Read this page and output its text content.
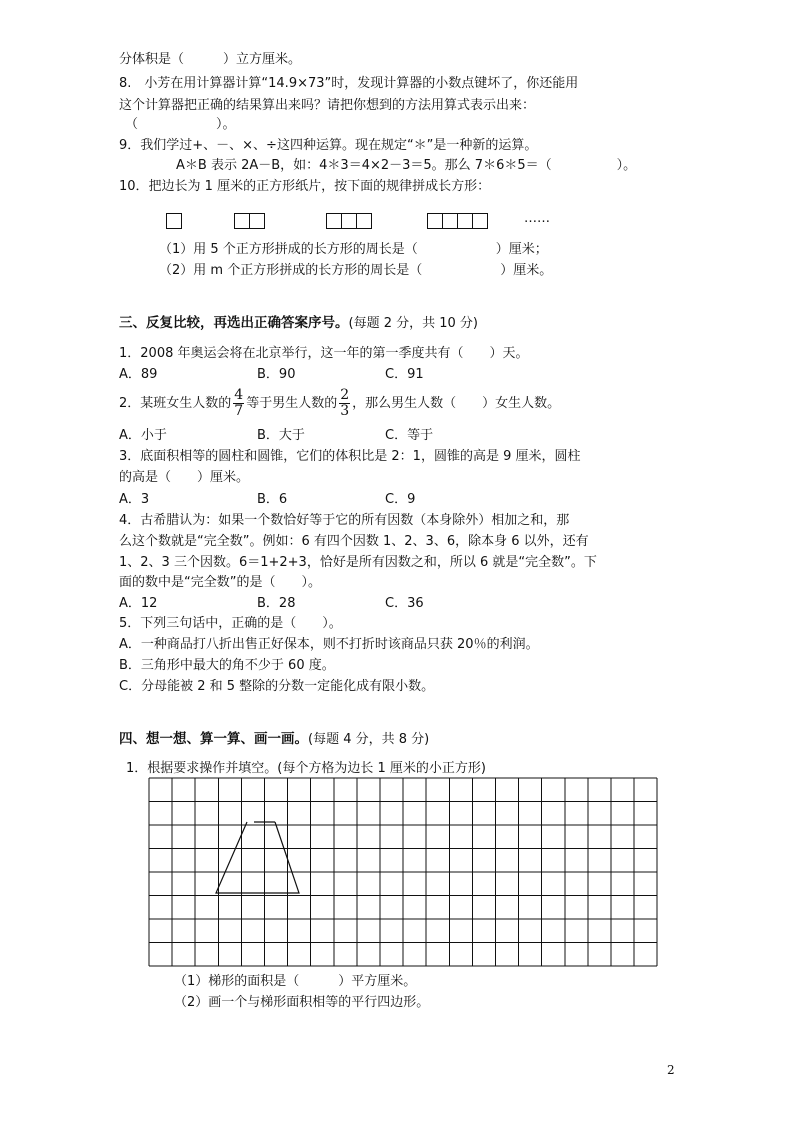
分体积是（　　　）立方厘米。
8.　小芳在用计算器计算“14.9×73”时，发现计算器的小数点键坏了，你还能用
这个计算器把正确的结果算出来吗？请把你想到的方法用算式表示出来：
（　　　　　　）。
9．我们学过+、－、×、÷这四种运算。现在规定“＊”是一种新的运算。
A＊B 表示 2A－B，如：4＊3＝4×2－3＝5。那么 7＊6＊5＝（　　　　　）。
10．把边长为 1 厘米的正方形纸片，按下面的规律拼成长方形：
……
（1）用 5 个正方形拼成的长方形的周长是（　　　　　　）厘米；
（2）用 m 个正方形拼成的长方形的周长是（　　　　　　）厘米。
三、反复比较，再选出正确答案序号。(每题 2 分，共 10 分)
1．2008 年奥运会将在北京举行，这一年的第一季度共有（　　）天。
A．89	B．90	C．91
2．某班女生人数的 $\frac{4}{7}$ 等于男生人数的 $\frac{2}{3}$ ，那么男生人数（　　）女生人数。
A．小于	B．大于	C．等于
3．底面积相等的圆柱和圆锥，它们的体积比是 2：1，圆锥的高是 9 厘米，圆柱
的高是（　　）厘米。
A．3	B．6	C．9
4．古希腊认为：如果一个数恰好等于它的所有因数（本身除外）相加之和，那
么这个数就是“完全数”。例如：6 有四个因数 1、2、3、6，除本身 6 以外，还有
1、2、3 三个因数。6＝1+2+3，恰好是所有因数之和，所以 6 就是“完全数”。下
面的数中是“完全数”的是（　　）。
A．12	B．28	C．36
5．下列三句话中，正确的是（　　）。
A．一种商品打八折出售正好保本，则不打折时该商品只获 20％的利润。
B．三角形中最大的角不少于 60 度。
C．分母能被 2 和 5 整除的分数一定能化成有限小数。
四、想一想、算一算、画一画。(每题 4 分，共 8 分)
1．根据要求操作并填空。(每个方格为边长 1 厘米的小正方形)
（1）梯形的面积是（　　　）平方厘米。
（2）画一个与梯形面积相等的平行四边形。
2
